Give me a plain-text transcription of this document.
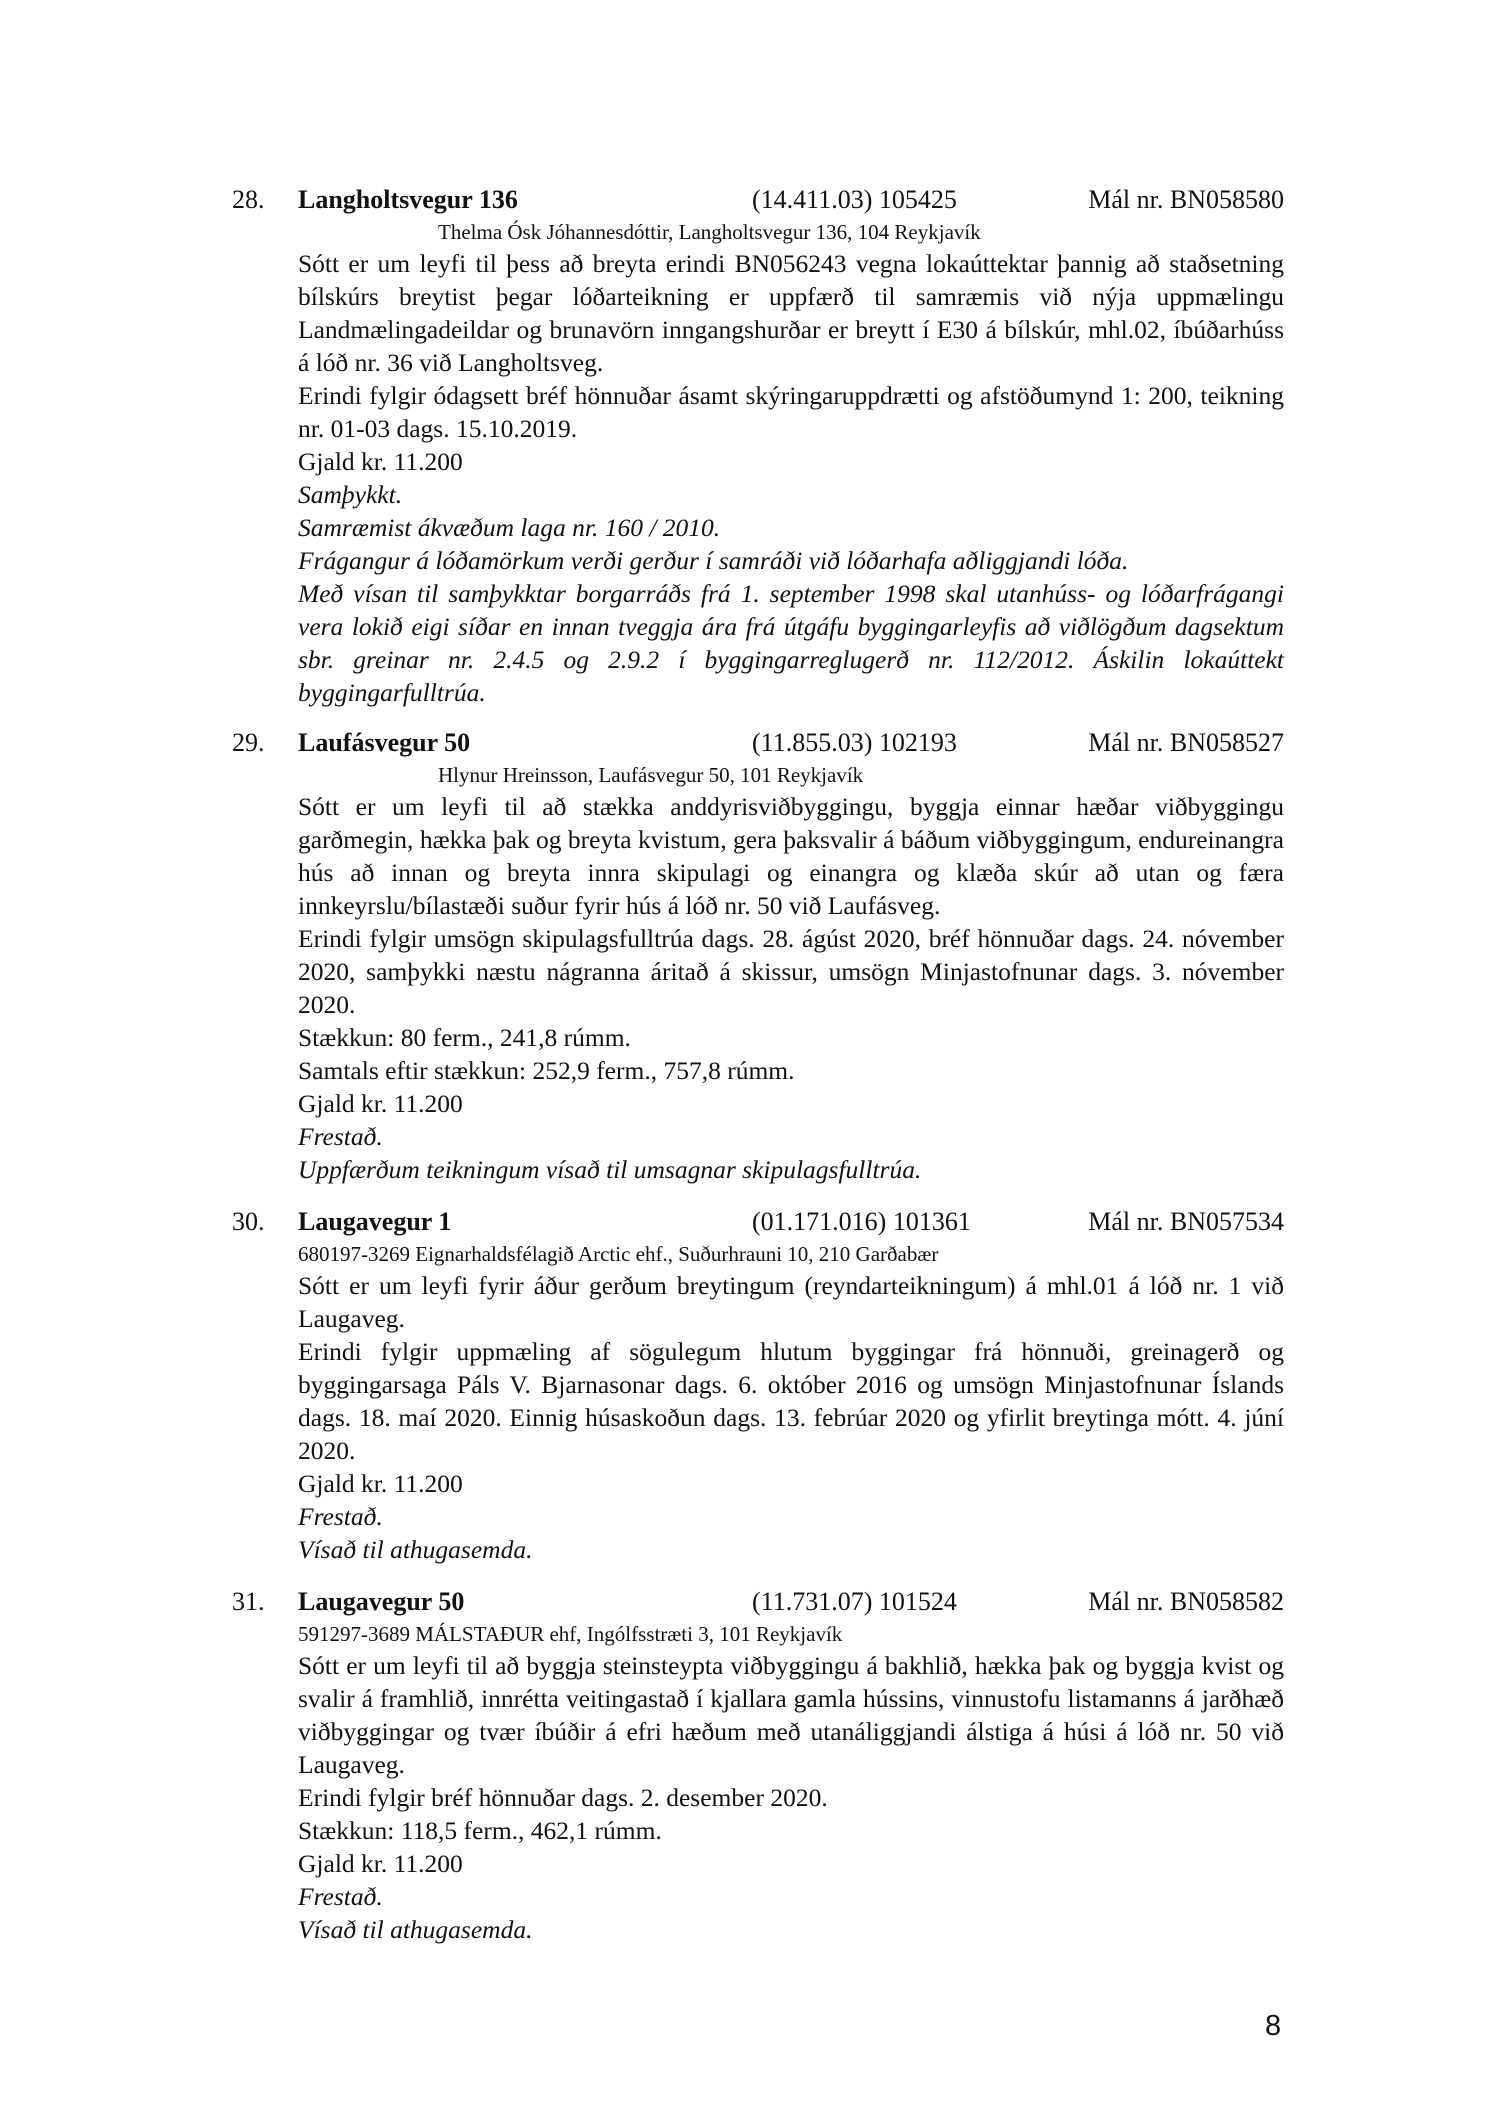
28. Langholtsvegur 136	(14.411.03) 105425	Mál nr. BN058580
Thelma Ósk Jóhannesdóttir, Langholtsvegur 136, 104 Reykjavík

Sótt er um leyfi til þess að breyta erindi BN056243 vegna lokaúttektar þannig að staðsetning bílskúrs breytist þegar lóðarteikning er uppfærð til samræmis við nýja uppmælingu Landmælingadeildar og brunavörn inngangshurðar er breytt í E30 á bílskúr, mhl.02, íbúðarhúss á lóð nr. 36 við Langholtsveg.

Erindi fylgir ódagsett bréf hönnuðar ásamt skýringaruppdrætti og afstöðumynd 1: 200, teikning nr. 01-03 dags. 15.10.2019.

Gjald kr. 11.200

Samþykkt.

Samræmist ákvæðum laga nr. 160 / 2010.

Frágangur á lóðamörkum verði gerður í samráði við lóðarhafa aðliggjandi lóða.

Með vísan til samþykktar borgarráðs frá 1. september 1998 skal utanhúss- og lóðarfrágangi vera lokið eigi síðar en innan tveggja ára frá útgáfu byggingarleyfis að viðlögðum dagsektum sbr. greinar nr. 2.4.5 og 2.9.2 í byggingarreglugerð nr. 112/2012. Áskilin lokaúttekt byggingarfulltrúa.

29. Laufásvegur 50	(11.855.03) 102193	Mál nr. BN058527
Hlynur Hreinsson, Laufásvegur 50, 101 Reykjavík

Sótt er um leyfi til að stækka anddyrisviðbyggingu, byggja einnar hæðar viðbyggingu garðmegin, hækka þak og breyta kvistum, gera þaksvalir á báðum viðbyggingum, endureinangra hús að innan og breyta innra skipulagi og einangra og klæða skúr að utan og færa innkeyrslu/bílastæði suður fyrir hús á lóð nr. 50 við Laufásveg.

Erindi fylgir umsögn skipulagsfulltrúa dags. 28. ágúst 2020, bréf hönnuðar dags. 24. nóvember 2020, samþykki næstu nágranna áritað á skissur, umsögn Minjastofnunar dags. 3. nóvember 2020.

Stækkun: 80 ferm., 241,8 rúmm.

Samtals eftir stækkun: 252,9 ferm., 757,8 rúmm.

Gjald kr. 11.200

Frestað.

Uppfærðum teikningum vísað til umsagnar skipulagsfulltrúa.

30. Laugavegur 1	(01.171.016) 101361	Mál nr. BN057534
680197-3269 Eignarhaldsfélagið Arctic ehf., Suðurhrauni 10, 210 Garðabær

Sótt er um leyfi fyrir áður gerðum breytingum (reyndarteikningum) á mhl.01 á lóð nr. 1 við Laugaveg.

Erindi fylgir uppmæling af sögulegum hlutum byggingar frá hönnuði, greinagerð og byggingarsaga Páls V. Bjarnasonar dags. 6. október 2016 og umsögn Minjastofnunar Íslands dags. 18. maí 2020. Einnig húsaskoðun dags. 13. febrúar 2020 og yfirlit breytinga mótt. 4. júní 2020.

Gjald kr. 11.200

Frestað.

Vísað til athugasemda.

31. Laugavegur 50	(11.731.07) 101524	Mál nr. BN058582
591297-3689 MÁLSTAÐUR ehf, Ingólfsstræti 3, 101 Reykjavík

Sótt er um leyfi til að byggja steinsteypta viðbyggingu á bakhlið, hækka þak og byggja kvist og svalir á framhlið, innrétta veitingastað í kjallara gamla hússins, vinnustofu listamanns á jarðhæð viðbyggingar og tvær íbúðir á efri hæðum með utanáliggjandi álstiga á húsi á lóð nr. 50 við Laugaveg.

Erindi fylgir bréf hönnuðar dags. 2. desember 2020.

Stækkun: 118,5 ferm., 462,1 rúmm.

Gjald kr. 11.200

Frestað.

Vísað til athugasemda.

8
